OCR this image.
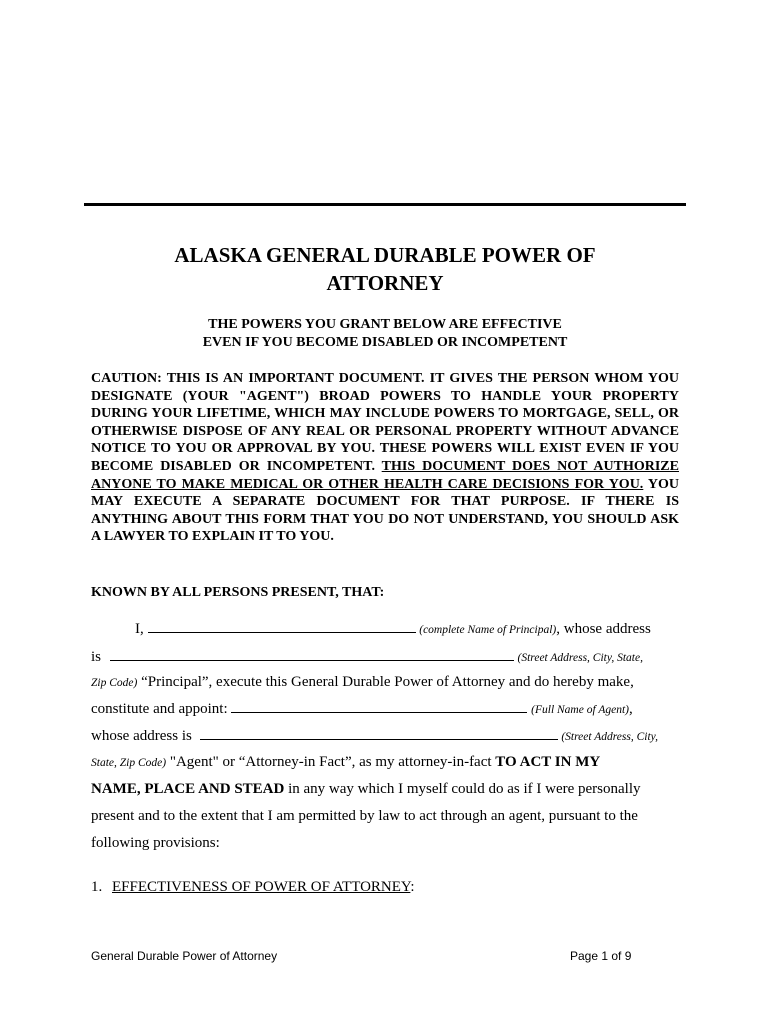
ALASKA GENERAL DURABLE POWER OF
ATTORNEY
THE POWERS YOU GRANT BELOW ARE EFFECTIVE
EVEN IF YOU BECOME DISABLED OR INCOMPETENT

CAUTION: THIS IS AN IMPORTANT DOCUMENT. IT GIVES THE PERSON WHOM YOU DESIGNATE (YOUR "AGENT") BROAD POWERS TO HANDLE YOUR PROPERTY DURING YOUR LIFETIME, WHICH MAY INCLUDE POWERS TO MORTGAGE, SELL, OR OTHERWISE DISPOSE OF ANY REAL OR PERSONAL PROPERTY WITHOUT ADVANCE NOTICE TO YOU OR APPROVAL BY YOU. THESE POWERS WILL EXIST EVEN IF YOU BECOME DISABLED OR INCOMPETENT. THIS DOCUMENT DOES NOT AUTHORIZE ANYONE TO MAKE MEDICAL OR OTHER HEALTH CARE DECISIONS FOR YOU. YOU MAY EXECUTE A SEPARATE DOCUMENT FOR THAT PURPOSE. IF THERE IS ANYTHING ABOUT THIS FORM THAT YOU DO NOT UNDERSTAND, YOU SHOULD ASK A LAWYER TO EXPLAIN IT TO YOU.

KNOWN BY ALL PERSONS PRESENT, THAT:

I,	(complete Name of Principal), whose address
is	(Street Address, City, State,
Zip Code) “Principal”, execute this General Durable Power of Attorney and do hereby make,
constitute and appoint:	(Full Name of Agent),
whose address is	(Street Address, City,
State, Zip Code) "Agent" or “Attorney-in Fact”, as my attorney-in-fact TO ACT IN MY
NAME, PLACE AND STEAD in any way which I myself could do as if I were personally
present and to the extent that I am permitted by law to act through an agent, pursuant to the
following provisions:
1. EFFECTIVENESS OF POWER OF ATTORNEY:
General Durable Power of Attorney	Page 1 of 9
